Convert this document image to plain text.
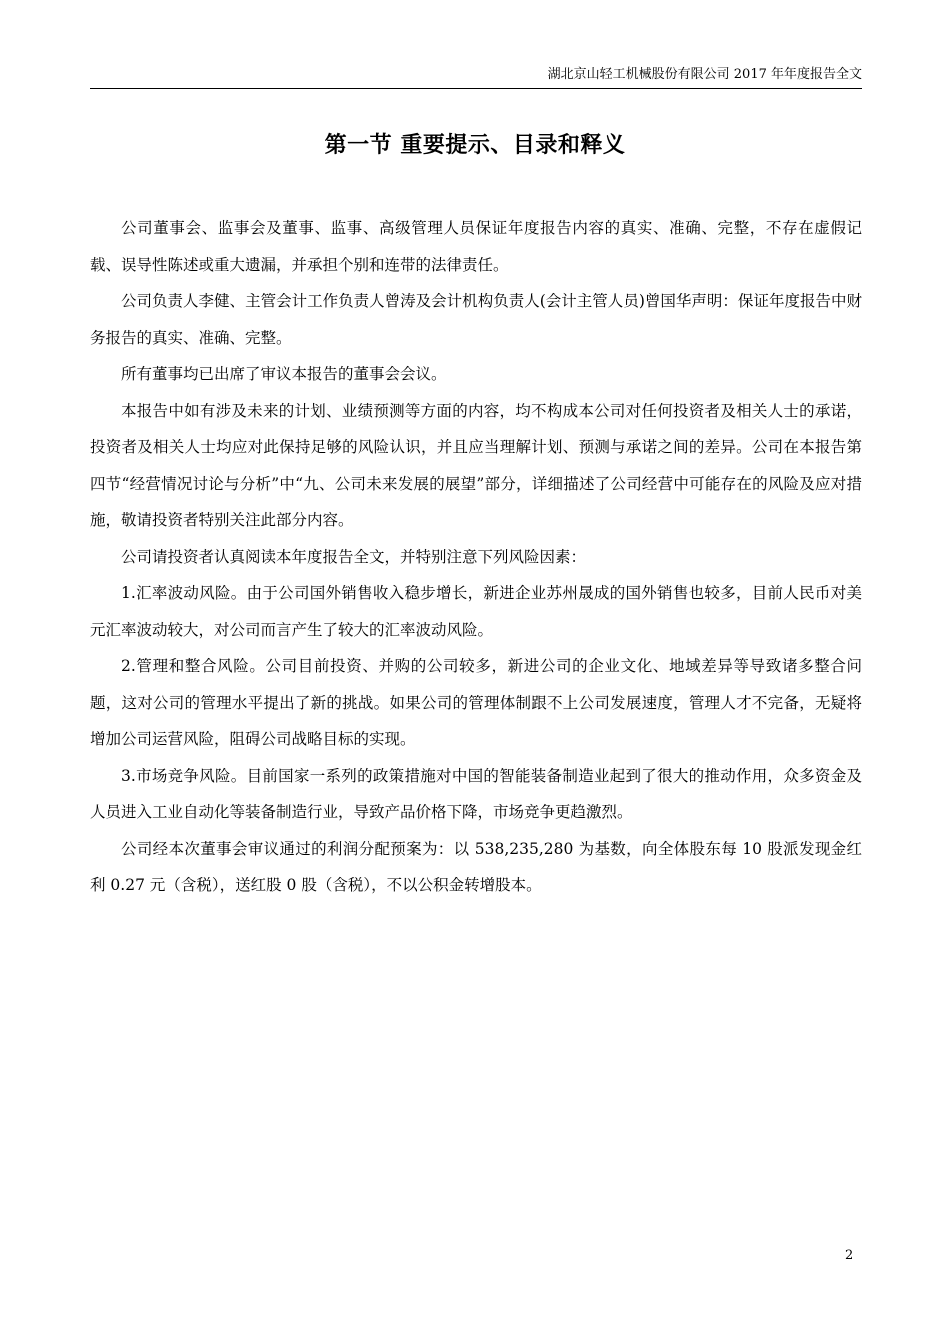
湖北京山轻工机械股份有限公司 2017 年年度报告全文
第一节 重要提示、目录和释义

公司董事会、监事会及董事、监事、高级管理人员保证年度报告内容的真实、准确、完整，不存在虚假记载、误导性陈述或重大遗漏，并承担个别和连带的法律责任。

公司负责人李健、主管会计工作负责人曾涛及会计机构负责人(会计主管人员)曾国华声明：保证年度报告中财务报告的真实、准确、完整。

所有董事均已出席了审议本报告的董事会会议。

本报告中如有涉及未来的计划、业绩预测等方面的内容，均不构成本公司对任何投资者及相关人士的承诺，投资者及相关人士均应对此保持足够的风险认识，并且应当理解计划、预测与承诺之间的差异。公司在本报告第四节“经营情况讨论与分析”中“九、公司未来发展的展望”部分，详细描述了公司经营中可能存在的风险及应对措施，敬请投资者特别关注此部分内容。

公司请投资者认真阅读本年度报告全文，并特别注意下列风险因素：

1.汇率波动风险。由于公司国外销售收入稳步增长，新进企业苏州晟成的国外销售也较多，目前人民币对美元汇率波动较大，对公司而言产生了较大的汇率波动风险。

2.管理和整合风险。公司目前投资、并购的公司较多，新进公司的企业文化、地域差异等导致诸多整合问题，这对公司的管理水平提出了新的挑战。如果公司的管理体制跟不上公司发展速度，管理人才不完备，无疑将增加公司运营风险，阻碍公司战略目标的实现。

3.市场竞争风险。目前国家一系列的政策措施对中国的智能装备制造业起到了很大的推动作用，众多资金及人员进入工业自动化等装备制造行业，导致产品价格下降，市场竞争更趋激烈。

公司经本次董事会审议通过的利润分配预案为：以 538,235,280 为基数，向全体股东每 10 股派发现金红利 0.27 元（含税），送红股 0 股（含税），不以公积金转增股本。

2
